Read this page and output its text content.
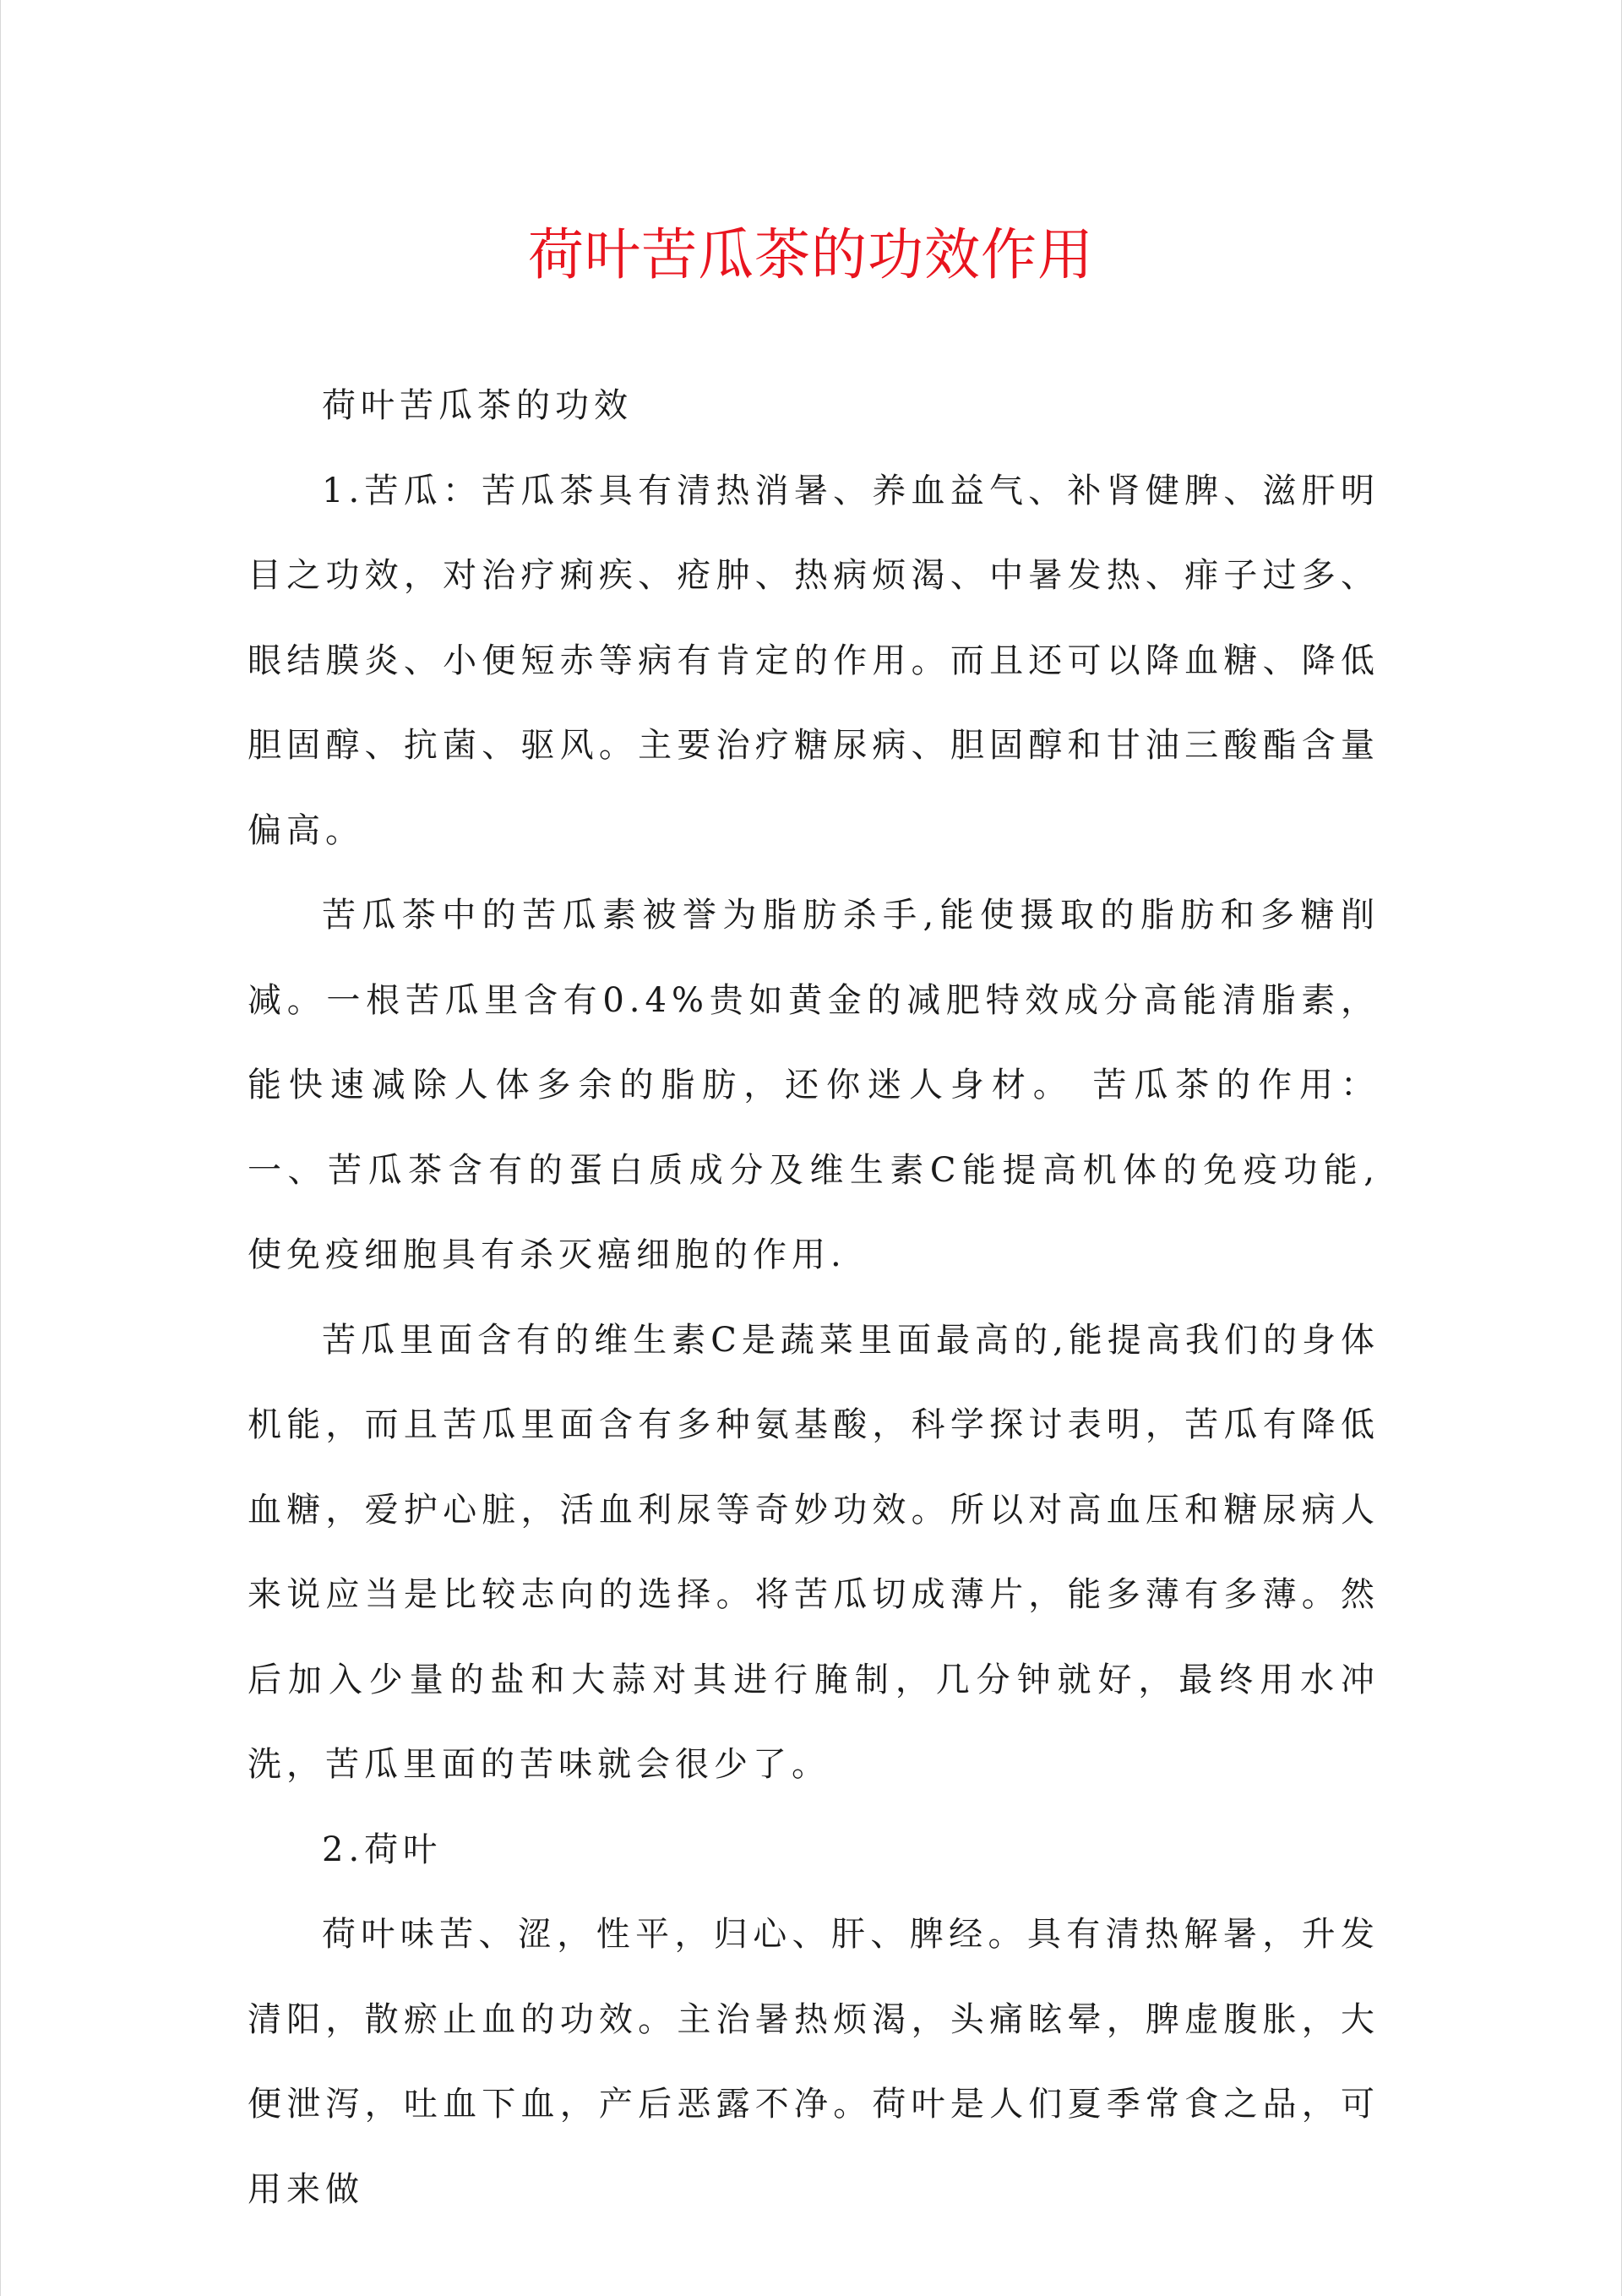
荷叶苦瓜茶的功效作用

荷叶苦瓜茶的功效

1.苦瓜：苦瓜茶具有清热消暑、养血益气、补肾健脾、滋肝明目之功效，对治疗痢疾、疮肿、热病烦渴、中暑发热、痱子过多、眼结膜炎、小便短赤等病有肯定的作用。而且还可以降血糖、降低胆固醇、抗菌、驱风。主要治疗糖尿病、胆固醇和甘油三酸酯含量偏高。

苦瓜茶中的苦瓜素被誉为脂肪杀手,能使摄取的脂肪和多糖削减。一根苦瓜里含有0.4%贵如黄金的减肥特效成分高能清脂素，能快速减除人体多余的脂肪，还你迷人身材。 苦瓜茶的作用： 一、苦瓜茶含有的蛋白质成分及维生素C能提高机体的免疫功能,使免疫细胞具有杀灭癌细胞的作用.

苦瓜里面含有的维生素C是蔬菜里面最高的,能提高我们的身体机能，而且苦瓜里面含有多种氨基酸，科学探讨表明，苦瓜有降低血糖，爱护心脏，活血利尿等奇妙功效。所以对高血压和糖尿病人来说应当是比较志向的选择。将苦瓜切成薄片，能多薄有多薄。然后加入少量的盐和大蒜对其进行腌制，几分钟就好，最终用水冲洗，苦瓜里面的苦味就会很少了。

2.荷叶

荷叶味苦、涩，性平，归心、肝、脾经。具有清热解暑，升发清阳，散瘀止血的功效。主治暑热烦渴，头痛眩晕，脾虚腹胀，大便泄泻，吐血下血，产后恶露不净。荷叶是人们夏季常食之品，可用来做
